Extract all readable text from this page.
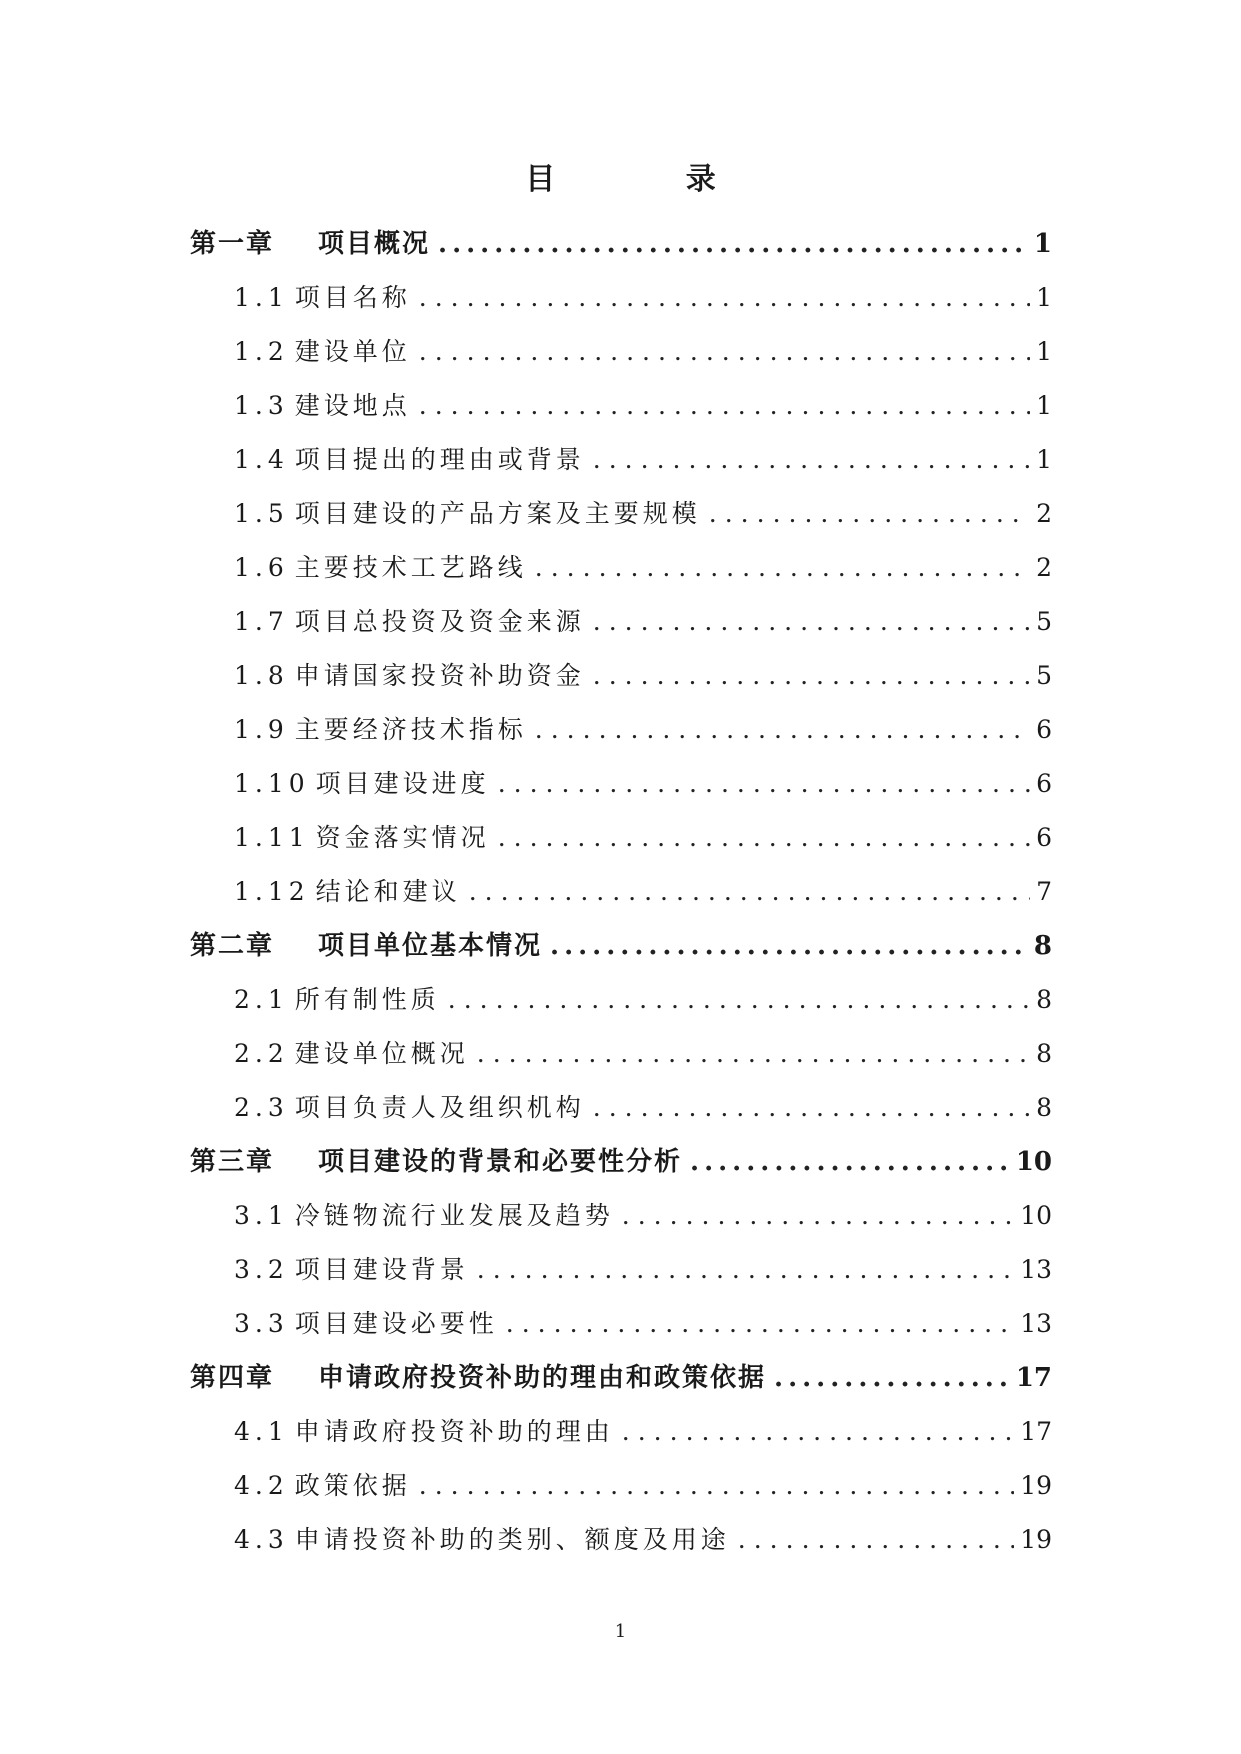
目 录
第一章	项目概况 .....	1
1.1 项目名称 .....	1
1.2 建设单位 .....	1
1.3 建设地点 .....	1
1.4 项目提出的理由或背景 .....	1
1.5 项目建设的产品方案及主要规模 .....	2
1.6 主要技术工艺路线 .....	2
1.7 项目总投资及资金来源 .....	5
1.8 申请国家投资补助资金 .....	5
1.9 主要经济技术指标 .....	6
1.10 项目建设进度 .....	6
1.11 资金落实情况 .....	6
1.12 结论和建议 .....	7
第二章	项目单位基本情况 .....	8
2.1 所有制性质 .....	8
2.2 建设单位概况 .....	8
2.3 项目负责人及组织机构 .....	8
第三章	项目建设的背景和必要性分析 .....	10
3.1 冷链物流行业发展及趋势 .....	10
3.2 项目建设背景 .....	13
3.3 项目建设必要性 .....	13
第四章	申请政府投资补助的理由和政策依据 .....	17
4.1 申请政府投资补助的理由 .....	17
4.2 政策依据 .....	19
4.3 申请投资补助的类别、额度及用途 .....	19
1
